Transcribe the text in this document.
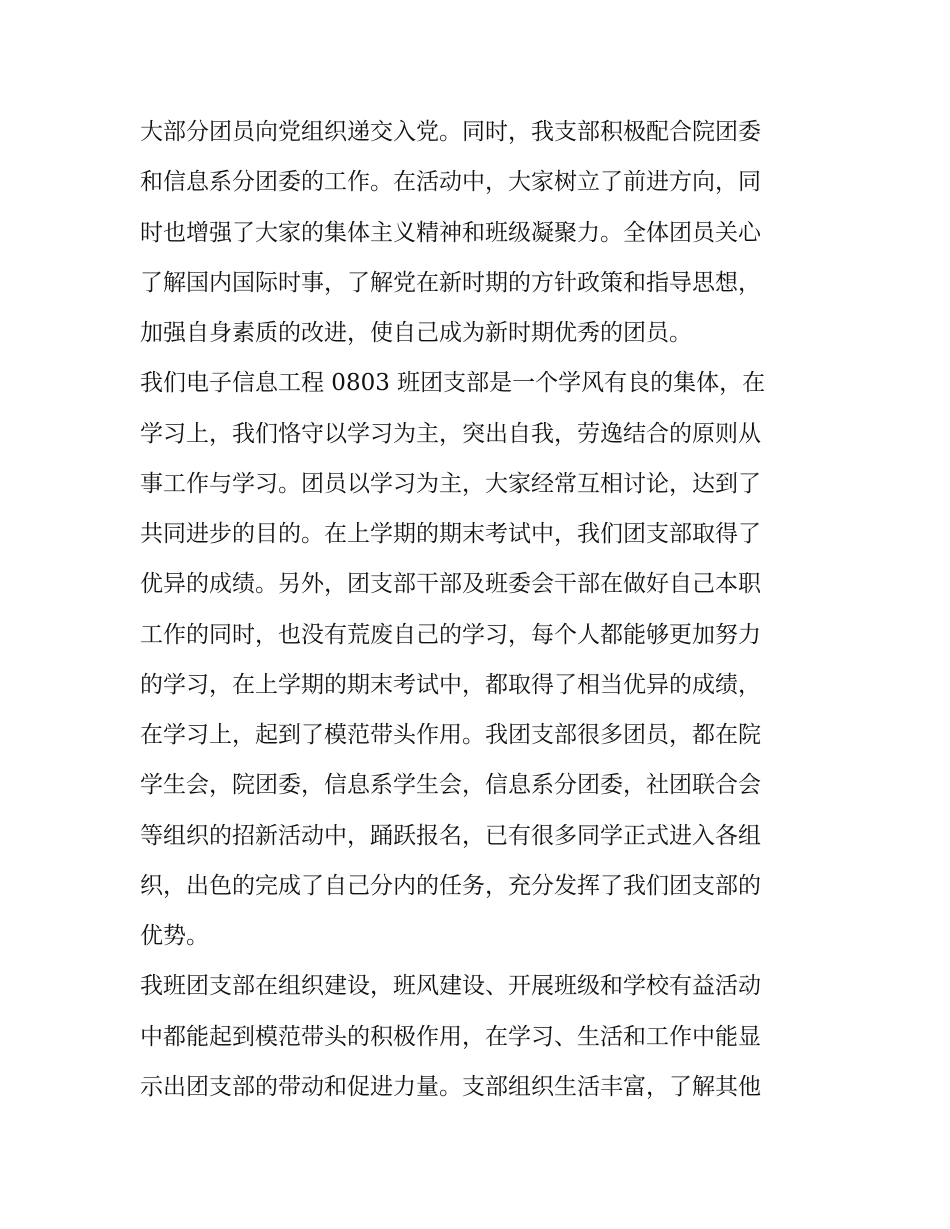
大部分团员向党组织递交入党。同时，我支部积极配合院团委
和信息系分团委的工作。在活动中，大家树立了前进方向，同
时也增强了大家的集体主义精神和班级凝聚力。全体团员关心
了解国内国际时事，了解党在新时期的方针政策和指导思想，
加强自身素质的改进，使自己成为新时期优秀的团员。
我们电子信息工程 0803 班团支部是一个学风有良的集体，在
学习上，我们恪守以学习为主，突出自我，劳逸结合的原则从
事工作与学习。团员以学习为主，大家经常互相讨论，达到了
共同进步的目的。在上学期的期末考试中，我们团支部取得了
优异的成绩。另外，团支部干部及班委会干部在做好自己本职
工作的同时，也没有荒废自己的学习，每个人都能够更加努力
的学习，在上学期的期末考试中，都取得了相当优异的成绩，
在学习上，起到了模范带头作用。我团支部很多团员，都在院
学生会，院团委，信息系学生会，信息系分团委，社团联合会
等组织的招新活动中，踊跃报名，已有很多同学正式进入各组
织，出色的完成了自己分内的任务，充分发挥了我们团支部的
优势。
我班团支部在组织建设，班风建设、开展班级和学校有益活动
中都能起到模范带头的积极作用，在学习、生活和工作中能显
示出团支部的带动和促进力量。支部组织生活丰富，了解其他
